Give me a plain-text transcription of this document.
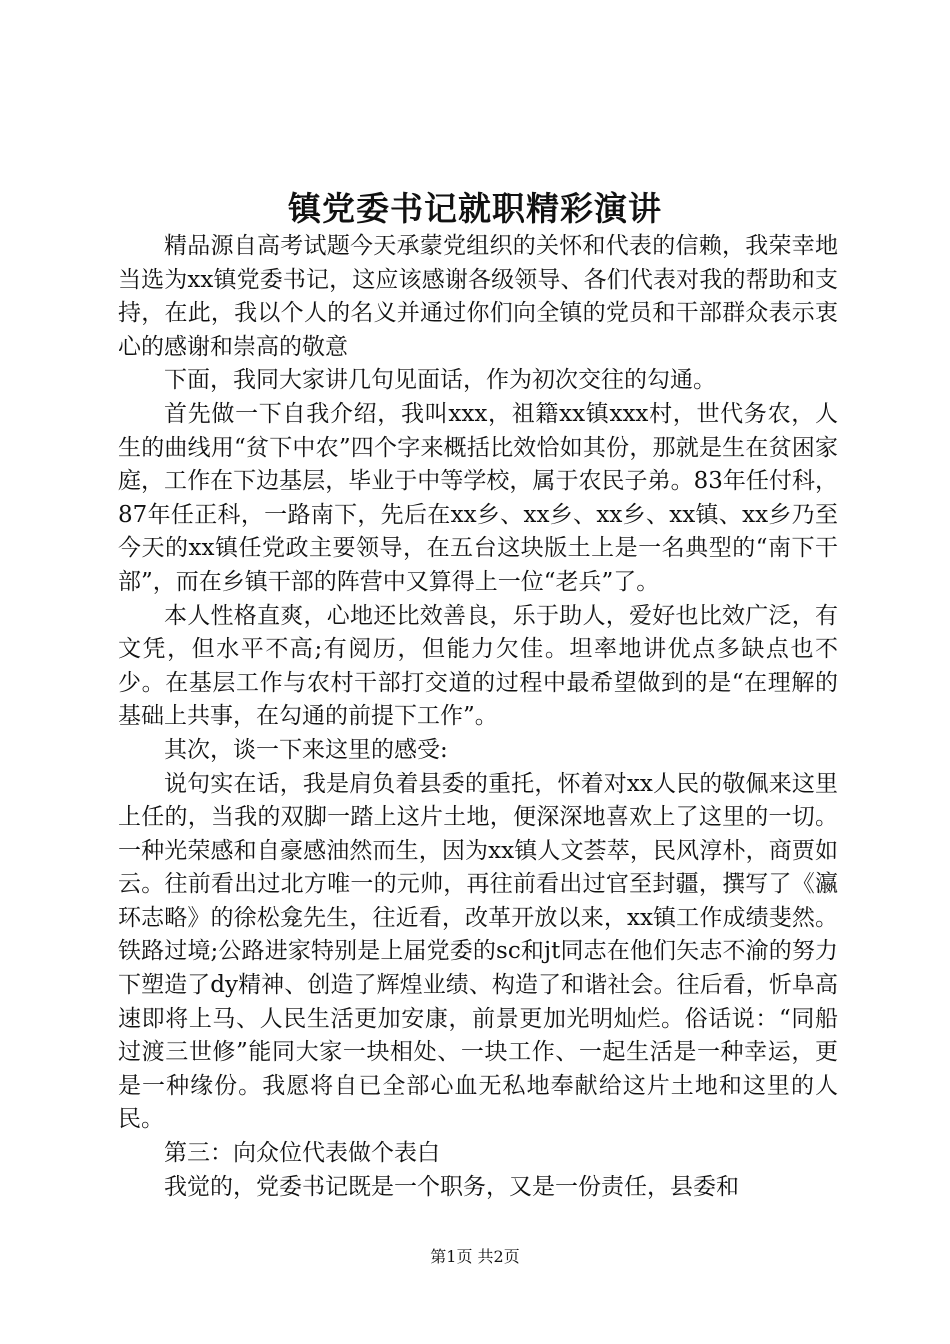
镇党委书记就职精彩演讲

精品源自高考试题今天承蒙党组织的关怀和代表的信赖，我荣幸地当选为xx镇党委书记，这应该感谢各级领导、各们代表对我的帮助和支持，在此，我以个人的名义并通过你们向全镇的党员和干部群众表示衷心的感谢和崇高的敬意

下面，我同大家讲几句见面话，作为初次交往的勾通。

首先做一下自我介绍，我叫xxx，祖籍xx镇xxx村，世代务农，人生的曲线用“贫下中农”四个字来概括比效恰如其份，那就是生在贫困家庭，工作在下边基层，毕业于中等学校，属于农民子弟。83年任付科，87年任正科，一路南下，先后在xx乡、xx乡、xx乡、xx镇、xx乡乃至今天的xx镇任党政主要领导，在五台这块版土上是一名典型的“南下干部”，而在乡镇干部的阵营中又算得上一位“老兵”了。

本人性格直爽，心地还比效善良，乐于助人，爱好也比效广泛，有文凭，但水平不高;有阅历，但能力欠佳。坦率地讲优点多缺点也不少。在基层工作与农村干部打交道的过程中最希望做到的是“在理解的基础上共事，在勾通的前提下工作”。

其次，谈一下来这里的感受:

说句实在话，我是肩负着县委的重托，怀着对xx人民的敬佩来这里上任的，当我的双脚一踏上这片土地，便深深地喜欢上了这里的一切。一种光荣感和自豪感油然而生，因为xx镇人文荟萃，民风淳朴，商贾如云。往前看出过北方唯一的元帅，再往前看出过官至封疆，撰写了《瀛环志略》的徐松龛先生，往近看，改革开放以来，xx镇工作成绩斐然。铁路过境;公路进家特别是上届党委的sc和jt同志在他们矢志不渝的努力下塑造了dy精神、创造了辉煌业绩、构造了和谐社会。往后看，忻阜高速即将上马、人民生活更加安康，前景更加光明灿烂。俗话说：“同船过渡三世修”能同大家一块相处、一块工作、一起生活是一种幸运，更是一种缘份。我愿将自已全部心血无私地奉献给这片土地和这里的人民。

第三：向众位代表做个表白

我觉的，党委书记既是一个职务，又是一份责任，县委和

第1页 共2页
